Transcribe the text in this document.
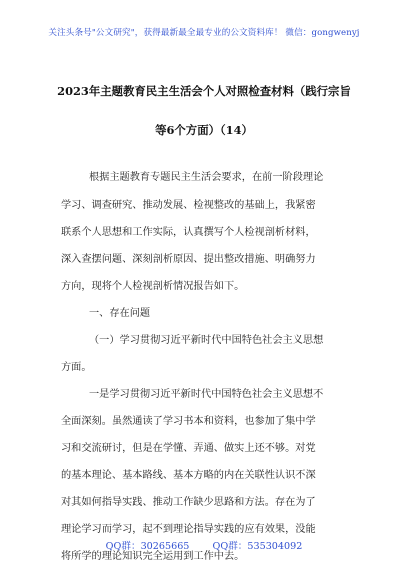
关注头条号"公文研究"，获得最新最全最专业的公文资料库！ 微信：gongwenyj
2023年主题教育民主生活会个人对照检查材料（践行宗旨
等6个方面）（14）
根据主题教育专题民主生活会要求，在前一阶段理论
学习、调查研究、推动发展、检视整改的基础上，我紧密
联系个人思想和工作实际，认真撰写个人检视剖析材料，
深入查摆问题、深刻剖析原因、提出整改措施、明确努力
方向，现将个人检视剖析情况报告如下。
一、存在问题
（一）学习贯彻习近平新时代中国特色社会主义思想
方面。
一是学习贯彻习近平新时代中国特色社会主义思想不
全面深刻。虽然通读了学习书本和资料，也参加了集中学
习和交流研讨，但是在学懂、弄通、做实上还不够。对党
的基本理论、基本路线、基本方略的内在关联性认识不深
对其如何指导实践、推动工作缺少思路和方法。存在为了
理论学习而学习，起不到理论指导实践的应有效果，没能
将所学的理论知识完全运用到工作中去。
QQ群：30265665 QQ群：535304092
